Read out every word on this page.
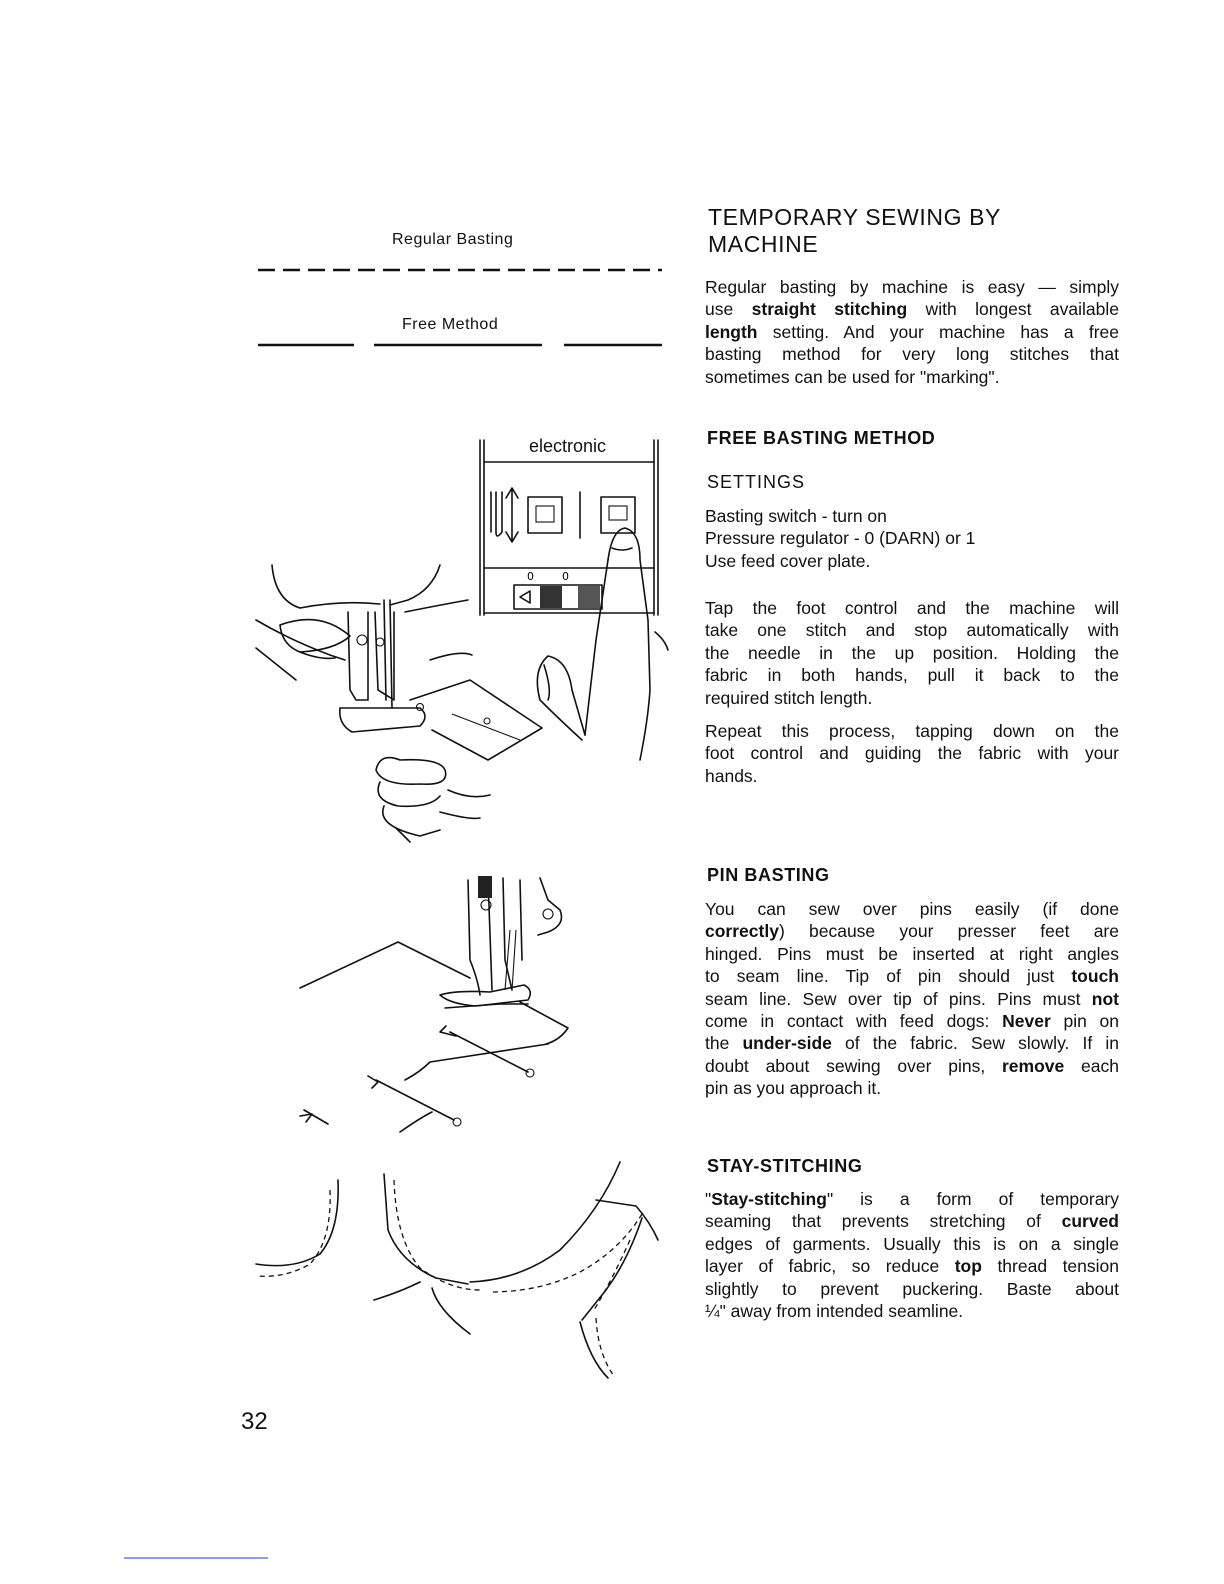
Regular Basting
Free Method
0	0
electronic
32
TEMPORARY SEWING BY
MACHINE
Regular basting by machine is easy — simply
use straight stitching with longest available
length setting. And your machine has a free
basting method for very long stitches that
sometimes can be used for "marking".
FREE BASTING METHOD
SETTINGS
Basting switch - turn on
Pressure regulator - 0 (DARN) or 1
Use feed cover plate.
Tap the foot control and the machine will
take one stitch and stop automatically with
the needle in the up position. Holding the
fabric in both hands, pull it back to the
required stitch length.
Repeat this process, tapping down on the
foot control and guiding the fabric with your
hands.
PIN BASTING
You can sew over pins easily (if done
correctly) because your presser feet are
hinged. Pins must be inserted at right angles
to seam line. Tip of pin should just touch
seam line. Sew over tip of pins. Pins must not
come in contact with feed dogs: Never pin on
the under-side of the fabric. Sew slowly. If in
doubt about sewing over pins, remove each
pin as you approach it.
STAY-STITCHING
"Stay-stitching" is a form of temporary
seaming that prevents stretching of curved
edges of garments. Usually this is on a single
layer of fabric, so reduce top thread tension
slightly to prevent puckering. Baste about
¼" away from intended seamline.
